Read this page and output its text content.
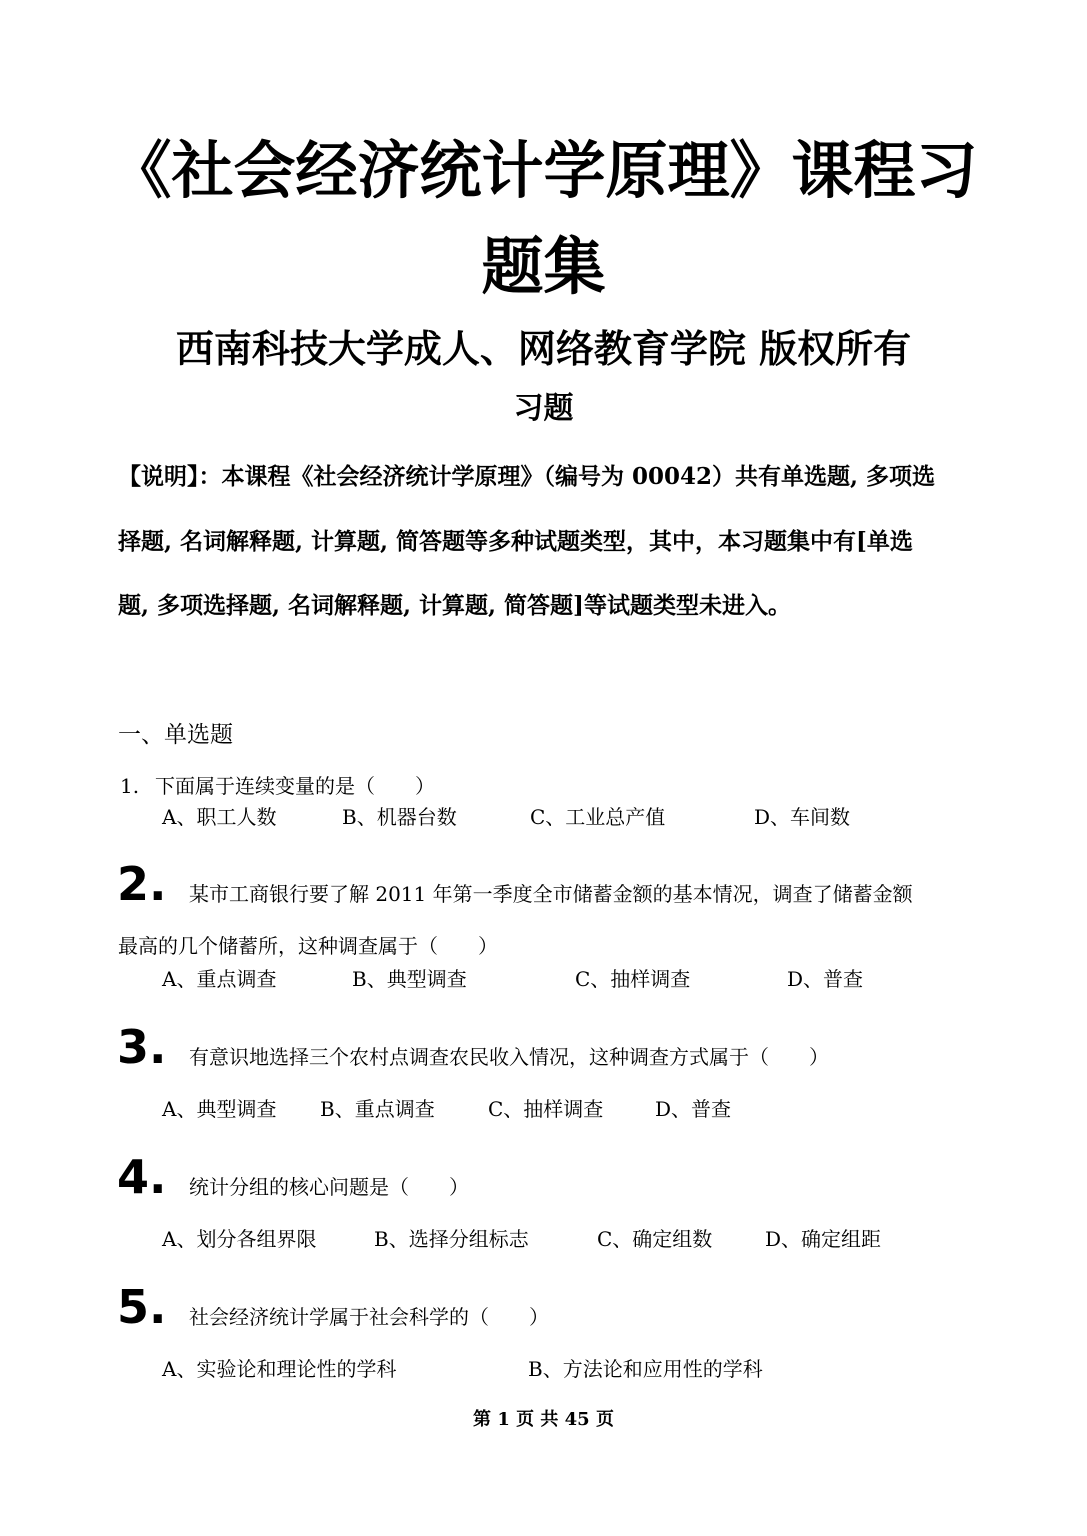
《社会经济统计学原理》课程习
题集
西南科技大学成人、网络教育学院 版权所有
习题
【说明】：本课程《社会经济统计学原理》（编号为 00042）共有单选题, 多项选
择题, 名词解释题, 计算题, 简答题等多种试题类型，其中，本习题集中有[单选
题, 多项选择题, 名词解释题, 计算题, 简答题]等试题类型未进入。
一、单选题
1. 下面属于连续变量的是（　　）
A、职工人数	B、机器台数	C、工业总产值	D、车间数
2. 某市工商银行要了解 2011 年第一季度全市储蓄金额的基本情况，调查了储蓄金额
最高的几个储蓄所，这种调查属于（　　）
A、重点调查	B、典型调查	C、抽样调查	D、普查
3. 有意识地选择三个农村点调查农民收入情况，这种调查方式属于（　　）
A、典型调查 B、重点调查	C、抽样调查	D、普查
4. 统计分组的核心问题是（　　）
A、划分各组界限	B、选择分组标志	C、确定组数	D、确定组距
5. 社会经济统计学属于社会科学的（　　）
A、实验论和理论性的学科	B、方法论和应用性的学科
第 1 页 共 45 页
